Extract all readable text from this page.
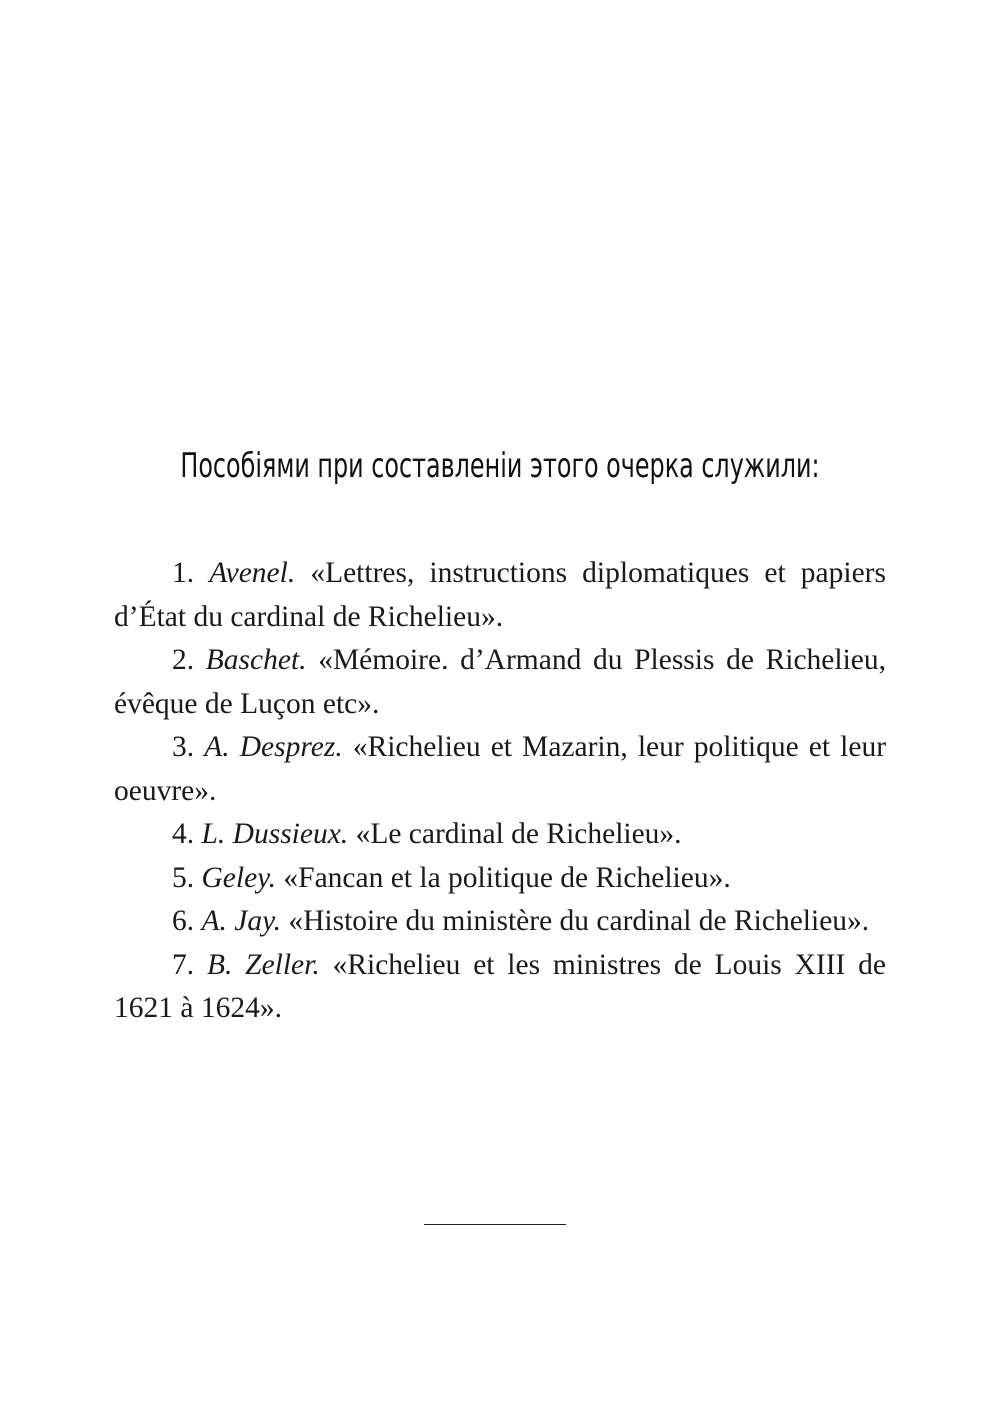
Пособіями при составленіи этого очерка служили:
1. Avenel. «Lettres, instructions diplomatiques et papiers d’État du cardinal de Richelieu».
2. Baschet. «Mémoire. d’Armand du Plessis de Richelieu, évêque de Luçon etc».
3. A. Desprez. «Richelieu et Mazarin, leur politique et leur oeuvre».
4. L. Dussieux. «Le cardinal de Richelieu».
5. Geley. «Fancan et la politique de Richelieu».
6. A. Jay. «Histoire du ministère du cardinal de Richelieu».
7. B. Zeller. «Richelieu et les ministres de Louis XIII de 1621 à 1624».
